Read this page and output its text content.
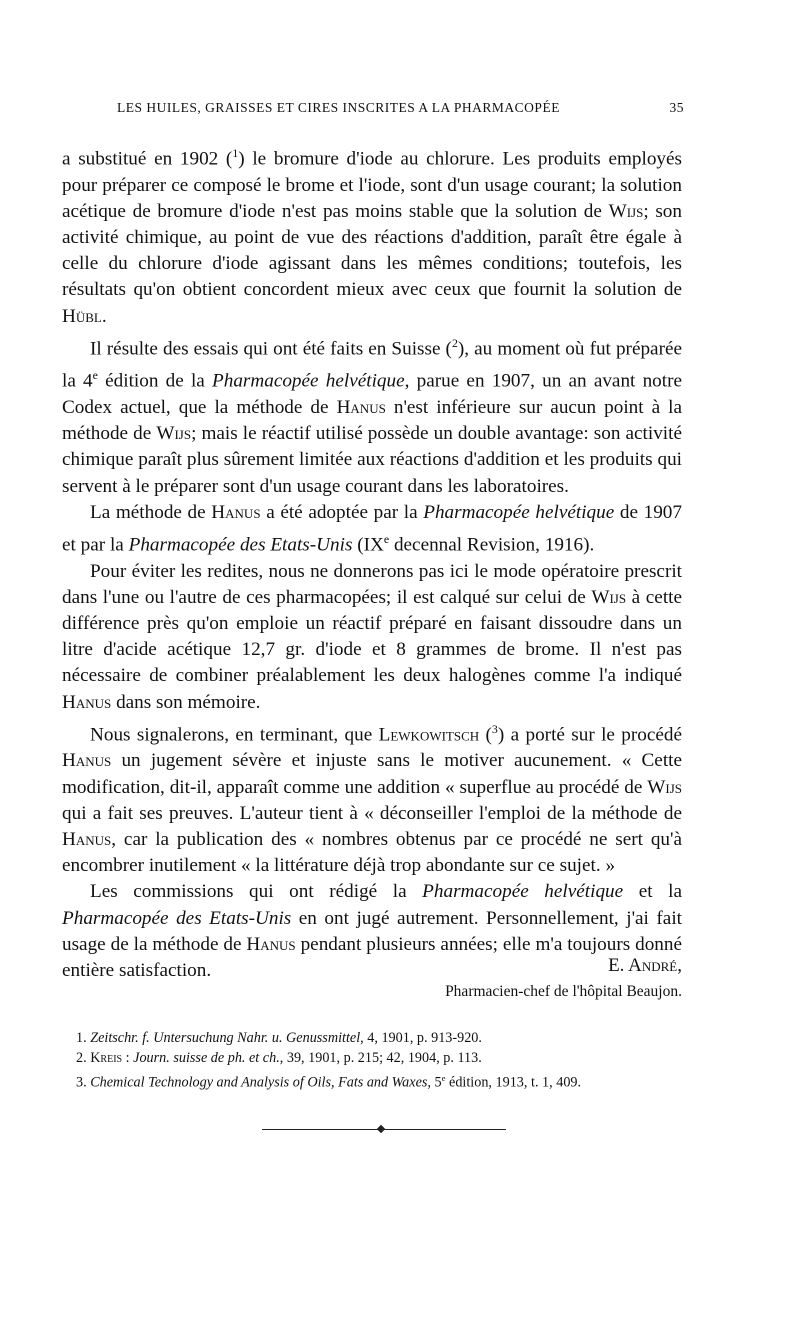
LES HUILES, GRAISSES ET CIRES INSCRITES A LA PHARMACOPÉE	35

a substitué en 1902 ($^1$) le bromure d'iode au chlorure. Les produits employés pour préparer ce composé le brome et l'iode, sont d'un usage courant; la solution acétique de bromure d'iode n'est pas moins stable que la solution de Wijs; son activité chimique, au point de vue des réactions d'addition, paraît être égale à celle du chlorure d'iode agissant dans les mêmes conditions; toutefois, les résultats qu'on obtient concordent mieux avec ceux que fournit la solution de Hübl.

Il résulte des essais qui ont été faits en Suisse ($^2$), au moment où fut préparée la 4e édition de la Pharmacopée helvétique, parue en 1907, un an avant notre Codex actuel, que la méthode de Hanus n'est inférieure sur aucun point à la méthode de Wijs; mais le réactif utilisé possède un double avantage: son activité chimique paraît plus sûrement limitée aux réactions d'addition et les produits qui servent à le préparer sont d'un usage courant dans les laboratoires.

La méthode de Hanus a été adoptée par la Pharmacopée helvétique de 1907 et par la Pharmacopée des Etats-Unis (IXe decennal Revision, 1916).

Pour éviter les redites, nous ne donnerons pas ici le mode opératoire prescrit dans l'une ou l'autre de ces pharmacopées; il est calqué sur celui de Wijs à cette différence près qu'on emploie un réactif préparé en faisant dissoudre dans un litre d'acide acétique 12,7 gr. d'iode et 8 grammes de brome. Il n'est pas nécessaire de combiner préalablement les deux halogènes comme l'a indiqué Hanus dans son mémoire.

Nous signalerons, en terminant, que Lewkowitsch ($^3$) a porté sur le procédé Hanus un jugement sévère et injuste sans le motiver aucunement. « Cette modification, dit-il, apparaît comme une addition « superflue au procédé de Wijs qui a fait ses preuves. L'auteur tient à « déconseiller l'emploi de la méthode de Hanus, car la publication des « nombres obtenus par ce procédé ne sert qu'à encombrer inutilement « la littérature déjà trop abondante sur ce sujet. »

Les commissions qui ont rédigé la Pharmacopée helvétique et la Pharmacopée des Etats-Unis en ont jugé autrement. Personnellement, j'ai fait usage de la méthode de Hanus pendant plusieurs années; elle m'a toujours donné entière satisfaction.	E. André,
Pharmacien-chef de l'hôpital Beaujon.
1. Zeitschr. f. Untersuchung Nahr. u. Genussmittel, 4, 1901, p. 913-920.
2. Kreis : Journ. suisse de ph. et ch., 39, 1901, p. 215; 42, 1904, p. 113.
3. Chemical Technology and Analysis of Oils, Fats and Waxes, 5e édition, 1913, t. 1, 409.
